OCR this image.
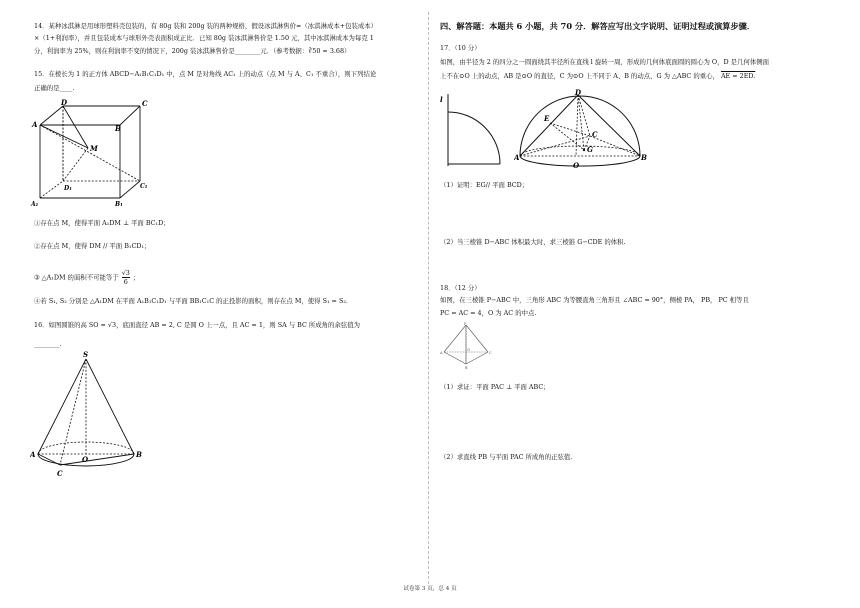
14．某种冰淇淋是用球形塑料壳包装的，有 80g 装和 200g 装的两种规格，假设冰淇淋售价=（冰淇淋成本+包装成本）
×（1+利润率），并且包装成本与球形外壳表面积成正比．已知 80g 装冰淇淋售价是 1.50 元，其中冰淇淋成本为每克 1
分，利润率为 25%，则在利润率不变的情况下，200g 装冰淇淋售价是________元．（参考数据：∛50 ≈ 3.68）
15．在棱长为 1 的正方体 ABCD−A₁B₁C₁D₁ 中，点 M 是对角线 AC₁ 上的动点（点 M 与 A、C₁ 不重合），则下列结论
正确的是____.
D
A	B
C
M
D₁	C₁
A₁	B₁
①存在点 M，使得平面 A₁DM ⊥ 平面 BC₁D；
②存在点 M，使得 DM // 平面 B₁CD₁；
③ △A₁DM 的面积不可能等于 $\frac{√3}{6}$ ；
④若 S₁, S₂ 分别是 △A₁DM 在平面 A₁B₁C₁D₁ 与平面 BB₁C₁C 的正投影的面积，则存在点 M，使得 S₁ = S₂．
16．如图圆锥的高 SO = √3，底面直径 AB = 2, C 是圆 O 上一点，且 AC = 1，则 SA 与 BC 所成角的余弦值为
________.
S
A
O
B
C
四、解答题：本题共 6 小题，共 70 分．解答应写出文字说明、证明过程或演算步骤．
17．（10 分）
如图，由半径为 2 的四分之一圆面绕其半径所在直线 l 旋转一周，形成的几何体底面圆的圆心为 O，D 是几何体侧面
上不在⊙O 上的动点，AB 是⊙O 的直径，C 为⊙O 上不同于 A、B 的动点，G 为 △ABC 的重心， AE = 2ED.
l
D
E
C
G
A
O
B
（1）证明：EG// 平面 BCD；
（2）当三棱锥 D−ABC 体积最大时，求三棱锥 G−CDE 的体积.
18．（12 分）
如图，在三棱锥 P−ABC 中，三角形 ABC 为等腰直角三角形且 ∠ABC = 90°，侧棱 PA， PB， PC 相等且
PC = AC = 4，O 为 AC 的中点.
P
A
O
C
B
（1）求证：平面 PAC ⊥ 平面 ABC；
（2）求直线 PB 与平面 PAC 所成角的正弦值.
试卷第 3 页，总 4 页
